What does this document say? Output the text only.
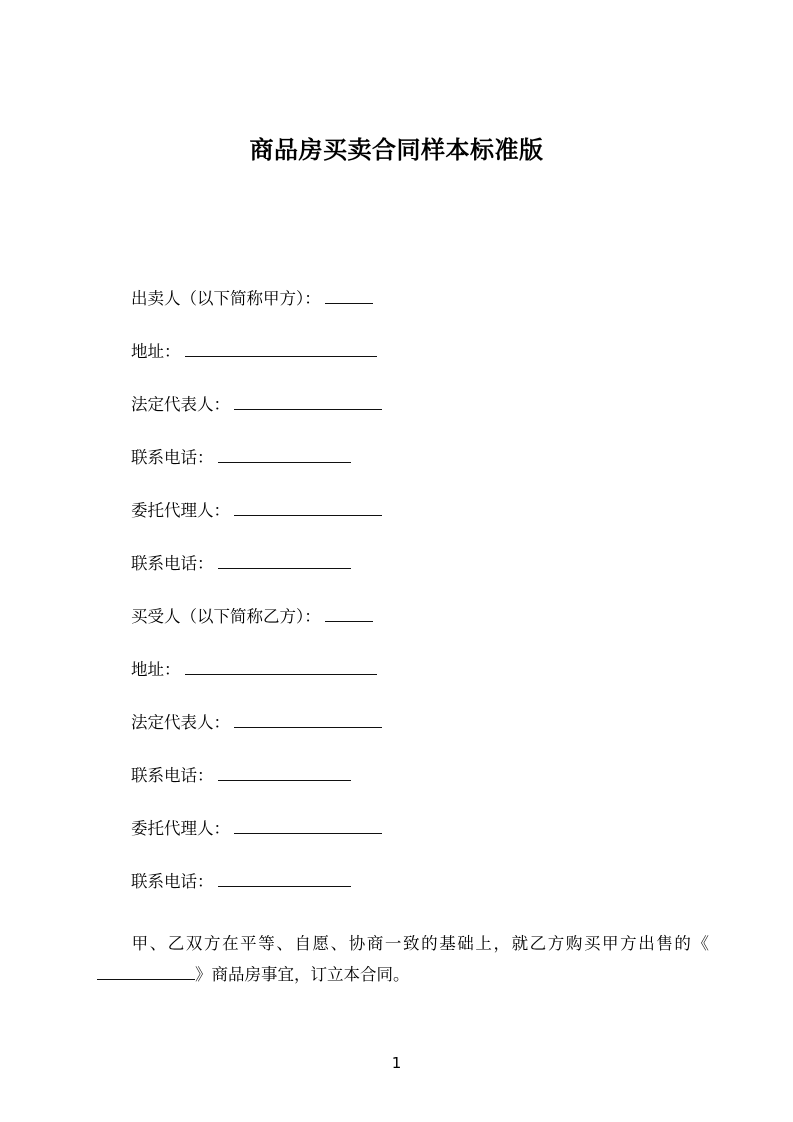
商品房买卖合同样本标准版
出卖人（以下简称甲方）：
地址：
法定代表人：
联系电话：
委托代理人：
联系电话：
买受人（以下简称乙方）：
地址：
法定代表人：
联系电话：
委托代理人：
联系电话：
甲、乙双方在平等、自愿、协商一致的基础上，就乙方购买甲方出售的《》商品房事宜，订立本合同。
1
